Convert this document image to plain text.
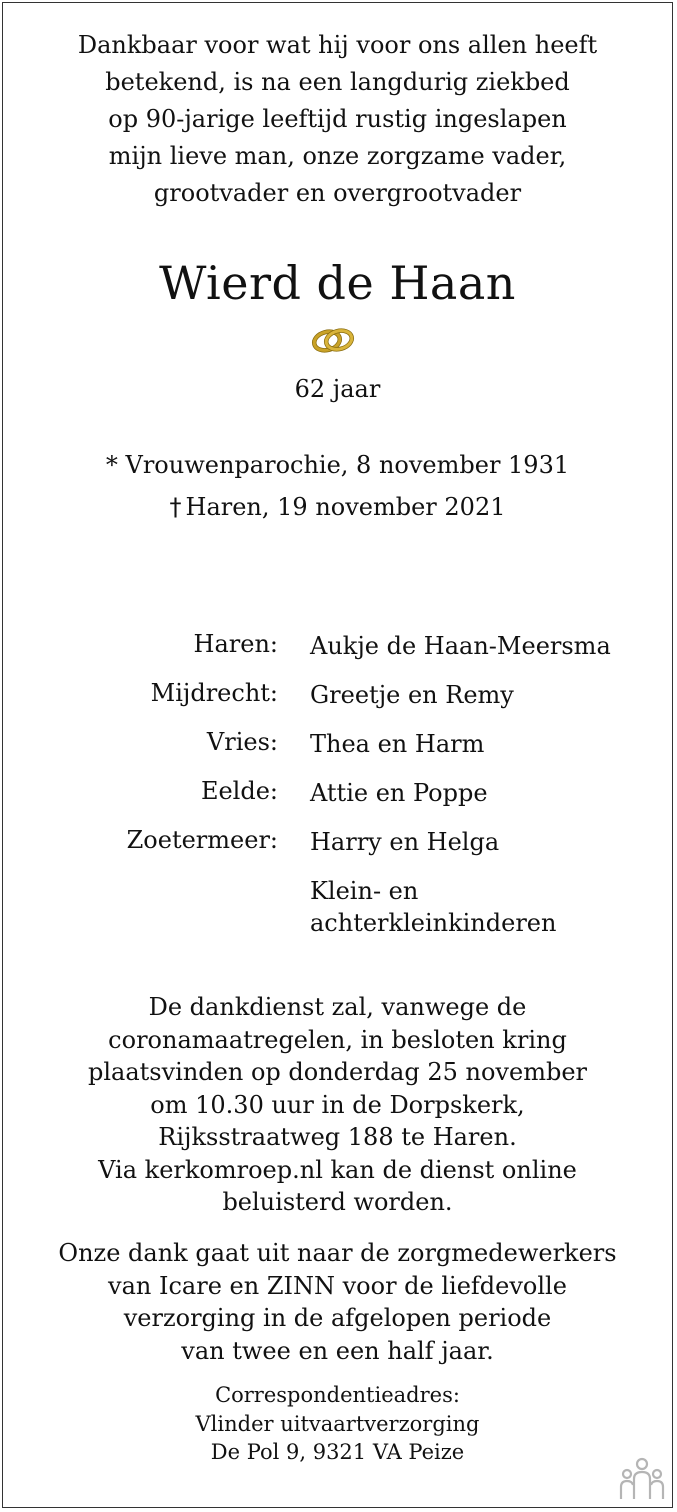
Dankbaar voor wat hij voor ons allen heeft
betekend, is na een langdurig ziekbed
op 90-jarige leeftijd rustig ingeslapen
mijn lieve man, onze zorgzame vader,
grootvader en overgrootvader
Wierd de Haan
62 jaar
* Vrouwenparochie, 8 november 1931
† Haren, 19 november 2021
Haren: Aukje de Haan-Meersma
Mijdrecht: Greetje en Remy
Vries: Thea en Harm
Eelde: Attie en Poppe
Zoetermeer: Harry en Helga
Klein- en
achterkleinkinderen
De dankdienst zal, vanwege de
coronamaatregelen, in besloten kring
plaatsvinden op donderdag 25 november
om 10.30 uur in de Dorpskerk,
Rijksstraatweg 188 te Haren.
Via kerkomroep.nl kan de dienst online
beluisterd worden.
Onze dank gaat uit naar de zorgmedewerkers
van Icare en ZINN voor de liefdevolle
verzorging in de afgelopen periode
van twee en een half jaar.
Correspondentieadres:
Vlinder uitvaartverzorging
De Pol 9, 9321 VA Peize
